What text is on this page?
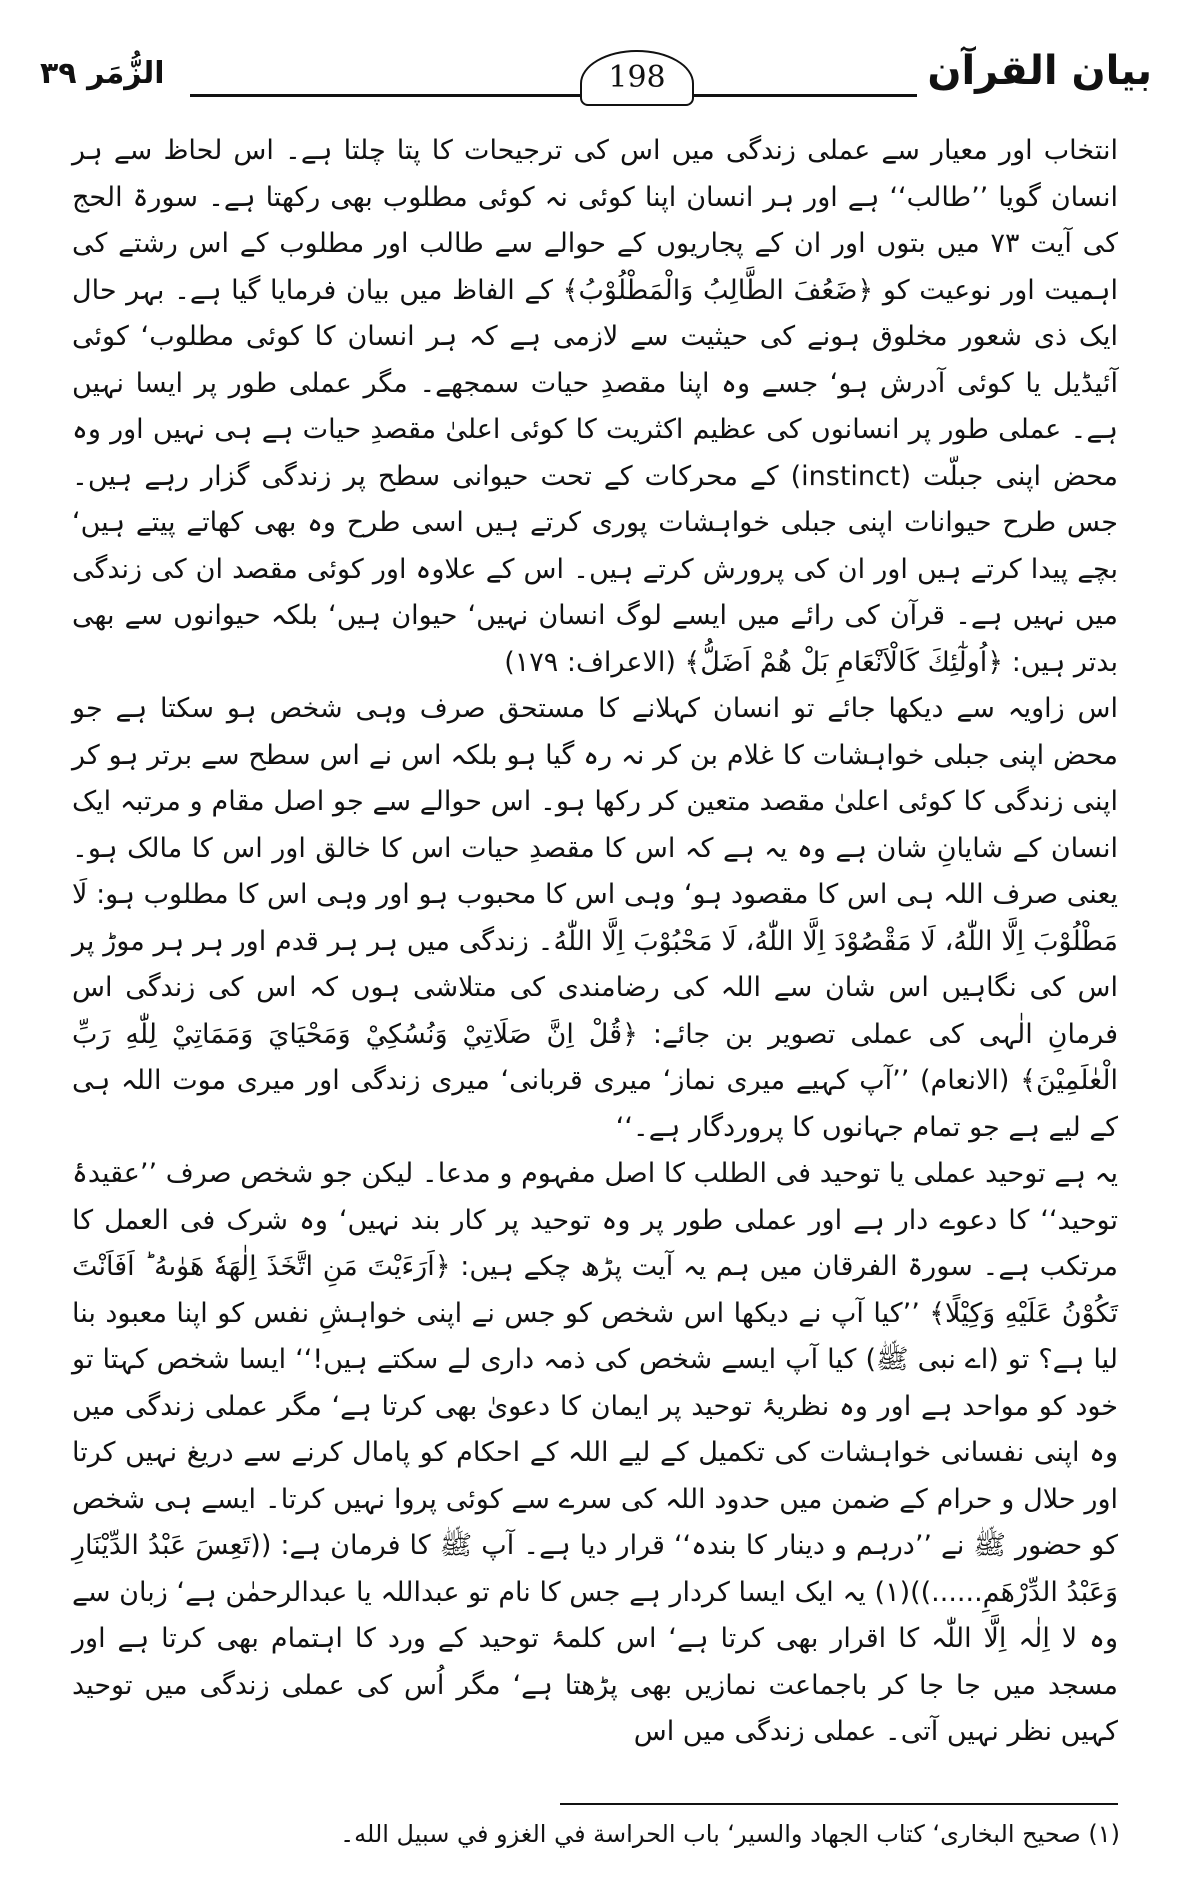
بیان القرآن
198
الزُّمَر ۳۹

انتخاب اور معیار سے عملی زندگی میں اس کی ترجیحات کا پتا چلتا ہے۔ اس لحاظ سے ہر انسان گویا ’’طالب‘‘ ہے اور ہر انسان اپنا کوئی نہ کوئی مطلوب بھی رکھتا ہے۔ سورۃ الحج کی آیت ۷۳ میں بتوں اور ان کے پجاریوں کے حوالے سے طالب اور مطلوب کے اس رشتے کی اہمیت اور نوعیت کو ﴿ضَعُفَ الطَّالِبُ وَالْمَطْلُوْبُ﴾ کے الفاظ میں بیان فرمایا گیا ہے۔ بہر حال ایک ذی شعور مخلوق ہونے کی حیثیت سے لازمی ہے کہ ہر انسان کا کوئی مطلوب‘ کوئی آئیڈیل یا کوئی آدرش ہو‘ جسے وہ اپنا مقصدِ حیات سمجھے۔ مگر عملی طور پر ایسا نہیں ہے۔ عملی طور پر انسانوں کی عظیم اکثریت کا کوئی اعلیٰ مقصدِ حیات ہے ہی نہیں اور وہ محض اپنی جبلّت (instinct) کے محرکات کے تحت حیوانی سطح پر زندگی گزار رہے ہیں۔ جس طرح حیوانات اپنی جبلی خواہشات پوری کرتے ہیں اسی طرح وہ بھی کھاتے پیتے ہیں‘ بچے پیدا کرتے ہیں اور ان کی پرورش کرتے ہیں۔ اس کے علاوہ اور کوئی مقصد ان کی زندگی میں نہیں ہے۔ قرآن کی رائے میں ایسے لوگ انسان نہیں‘ حیوان ہیں‘ بلکہ حیوانوں سے بھی بدتر ہیں: ﴿اُولٰٓئِكَ كَالْاَنْعَامِ بَلْ هُمْ اَضَلُّ﴾ (الاعراف: ۱۷۹)

اس زاویہ سے دیکھا جائے تو انسان کہلانے کا مستحق صرف وہی شخص ہو سکتا ہے جو محض اپنی جبلی خواہشات کا غلام بن کر نہ رہ گیا ہو بلکہ اس نے اس سطح سے برتر ہو کر اپنی زندگی کا کوئی اعلیٰ مقصد متعین کر رکھا ہو۔ اس حوالے سے جو اصل مقام و مرتبہ ایک انسان کے شایانِ شان ہے وہ یہ ہے کہ اس کا مقصدِ حیات اس کا خالق اور اس کا مالک ہو۔ یعنی صرف اللہ ہی اس کا مقصود ہو‘ وہی اس کا محبوب ہو اور وہی اس کا مطلوب ہو: لَا مَطْلُوْبَ اِلَّا اللّٰهُ، لَا مَقْصُوْدَ اِلَّا اللّٰهُ، لَا مَحْبُوْبَ اِلَّا اللّٰهُ۔ زندگی میں ہر ہر قدم اور ہر ہر موڑ پر اس کی نگاہیں اس شان سے اللہ کی رضامندی کی متلاشی ہوں کہ اس کی زندگی اس فرمانِ الٰہی کی عملی تصویر بن جائے: ﴿قُلْ اِنَّ صَلَاتِيْ وَنُسُكِيْ وَمَحْيَايَ وَمَمَاتِيْ لِلّٰهِ رَبِّ الْعٰلَمِيْنَ﴾ (الانعام) ’’آپ کہیے میری نماز‘ میری قربانی‘ میری زندگی اور میری موت اللہ ہی کے لیے ہے جو تمام جہانوں کا پروردگار ہے۔‘‘

یہ ہے توحید عملی یا توحید فی الطلب کا اصل مفہوم و مدعا۔ لیکن جو شخص صرف ’’عقیدۂ توحید‘‘ کا دعوے دار ہے اور عملی طور پر وہ توحید پر کار بند نہیں‘ وہ شرک فی العمل کا مرتکب ہے۔ سورۃ الفرقان میں ہم یہ آیت پڑھ چکے ہیں: ﴿اَرَءَيْتَ مَنِ اتَّخَذَ اِلٰهَهٗ هَوٰىهُ ؕ اَفَاَنْتَ تَكُوْنُ عَلَيْهِ وَكِيْلًا﴾ ’’کیا آپ نے دیکھا اس شخص کو جس نے اپنی خواہشِ نفس کو اپنا معبود بنا لیا ہے؟ تو (اے نبی ﷺ) کیا آپ ایسے شخص کی ذمہ داری لے سکتے ہیں!‘‘ ایسا شخص کہتا تو خود کو مواحد ہے اور وہ نظریۂ توحید پر ایمان کا دعویٰ بھی کرتا ہے‘ مگر عملی زندگی میں وہ اپنی نفسانی خواہشات کی تکمیل کے لیے اللہ کے احکام کو پامال کرنے سے دریغ نہیں کرتا اور حلال و حرام کے ضمن میں حدود اللہ کی سرے سے کوئی پروا نہیں کرتا۔ ایسے ہی شخص کو حضور ﷺ نے ’’درہم و دینار کا بندہ‘‘ قرار دیا ہے۔ آپ ﷺ کا فرمان ہے: ((تَعِسَ عَبْدُ الدِّيْنَارِ وَعَبْدُ الدِّرْهَمِ......))(۱) یہ ایک ایسا کردار ہے جس کا نام تو عبداللہ یا عبدالرحمٰن ہے‘ زبان سے وہ لا اِلٰہ اِلَّا اللّٰہ کا اقرار بھی کرتا ہے‘ اس کلمۂ توحید کے ورد کا اہتمام بھی کرتا ہے اور مسجد میں جا جا کر باجماعت نمازیں بھی پڑھتا ہے‘ مگر اُس کی عملی زندگی میں توحید کہیں نظر نہیں آتی۔ عملی زندگی میں اس

(۱) صحیح البخاری‘ کتاب الجهاد والسیر‘ باب الحراسة في الغزو في سبیل الله۔
